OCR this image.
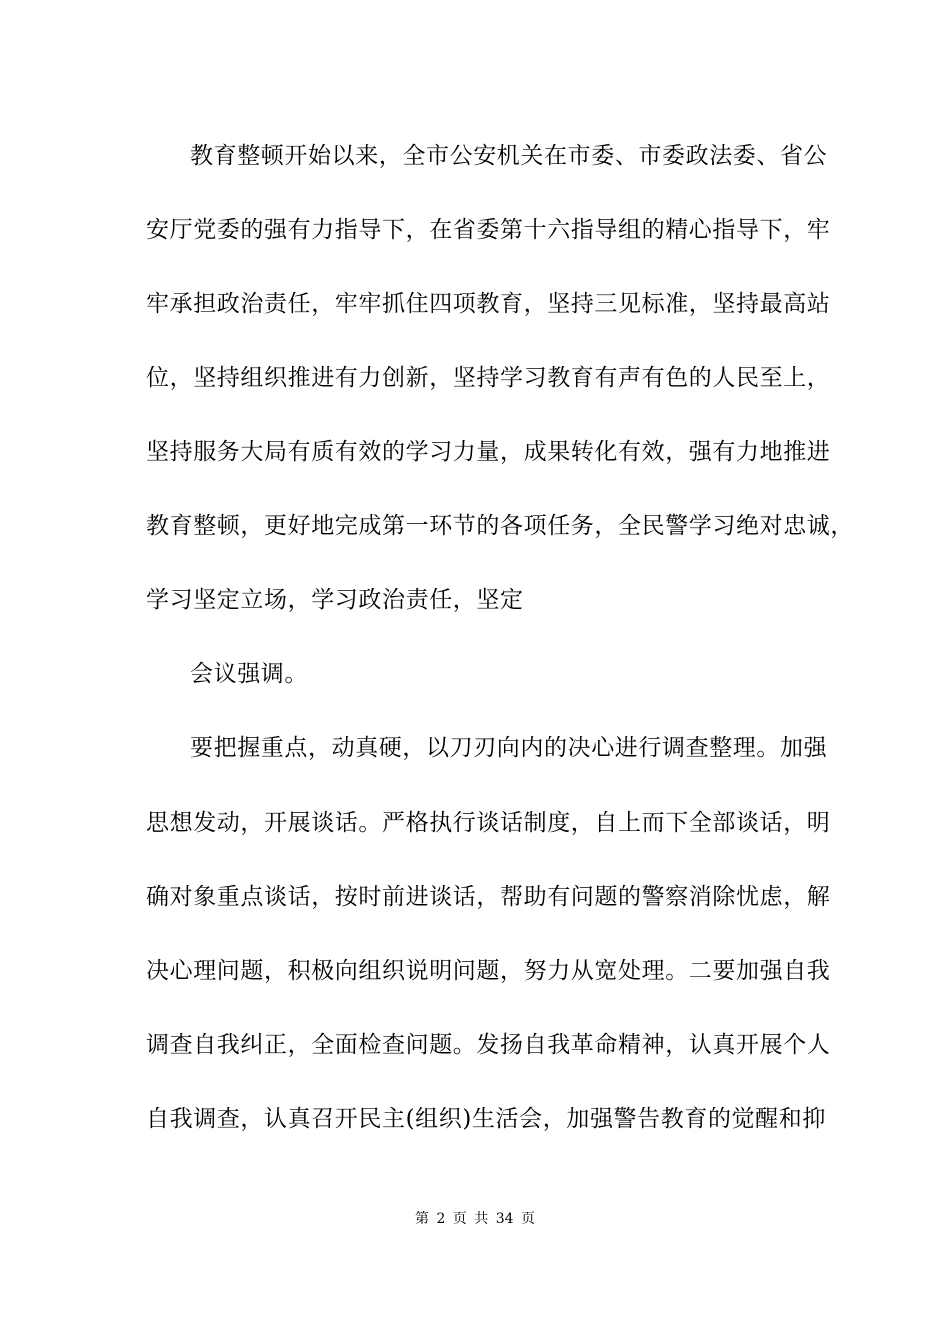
教育整顿开始以来，全市公安机关在市委、市委政法委、省公
安厅党委的强有力指导下，在省委第十六指导组的精心指导下，牢
牢承担政治责任，牢牢抓住四项教育，坚持三见标准，坚持最高站
位，坚持组织推进有力创新，坚持学习教育有声有色的人民至上，
坚持服务大局有质有效的学习力量，成果转化有效，强有力地推进
教育整顿，更好地完成第一环节的各项任务，全民警学习绝对忠诚，
学习坚定立场，学习政治责任，坚定
会议强调。
要把握重点，动真硬，以刀刃向内的决心进行调查整理。加强
思想发动，开展谈话。严格执行谈话制度，自上而下全部谈话，明
确对象重点谈话，按时前进谈话，帮助有问题的警察消除忧虑，解
决心理问题，积极向组织说明问题，努力从宽处理。二要加强自我
调查自我纠正，全面检查问题。发扬自我革命精神，认真开展个人
自我调查，认真召开民主(组织)生活会，加强警告教育的觉醒和抑
第 2 页 共 34 页
